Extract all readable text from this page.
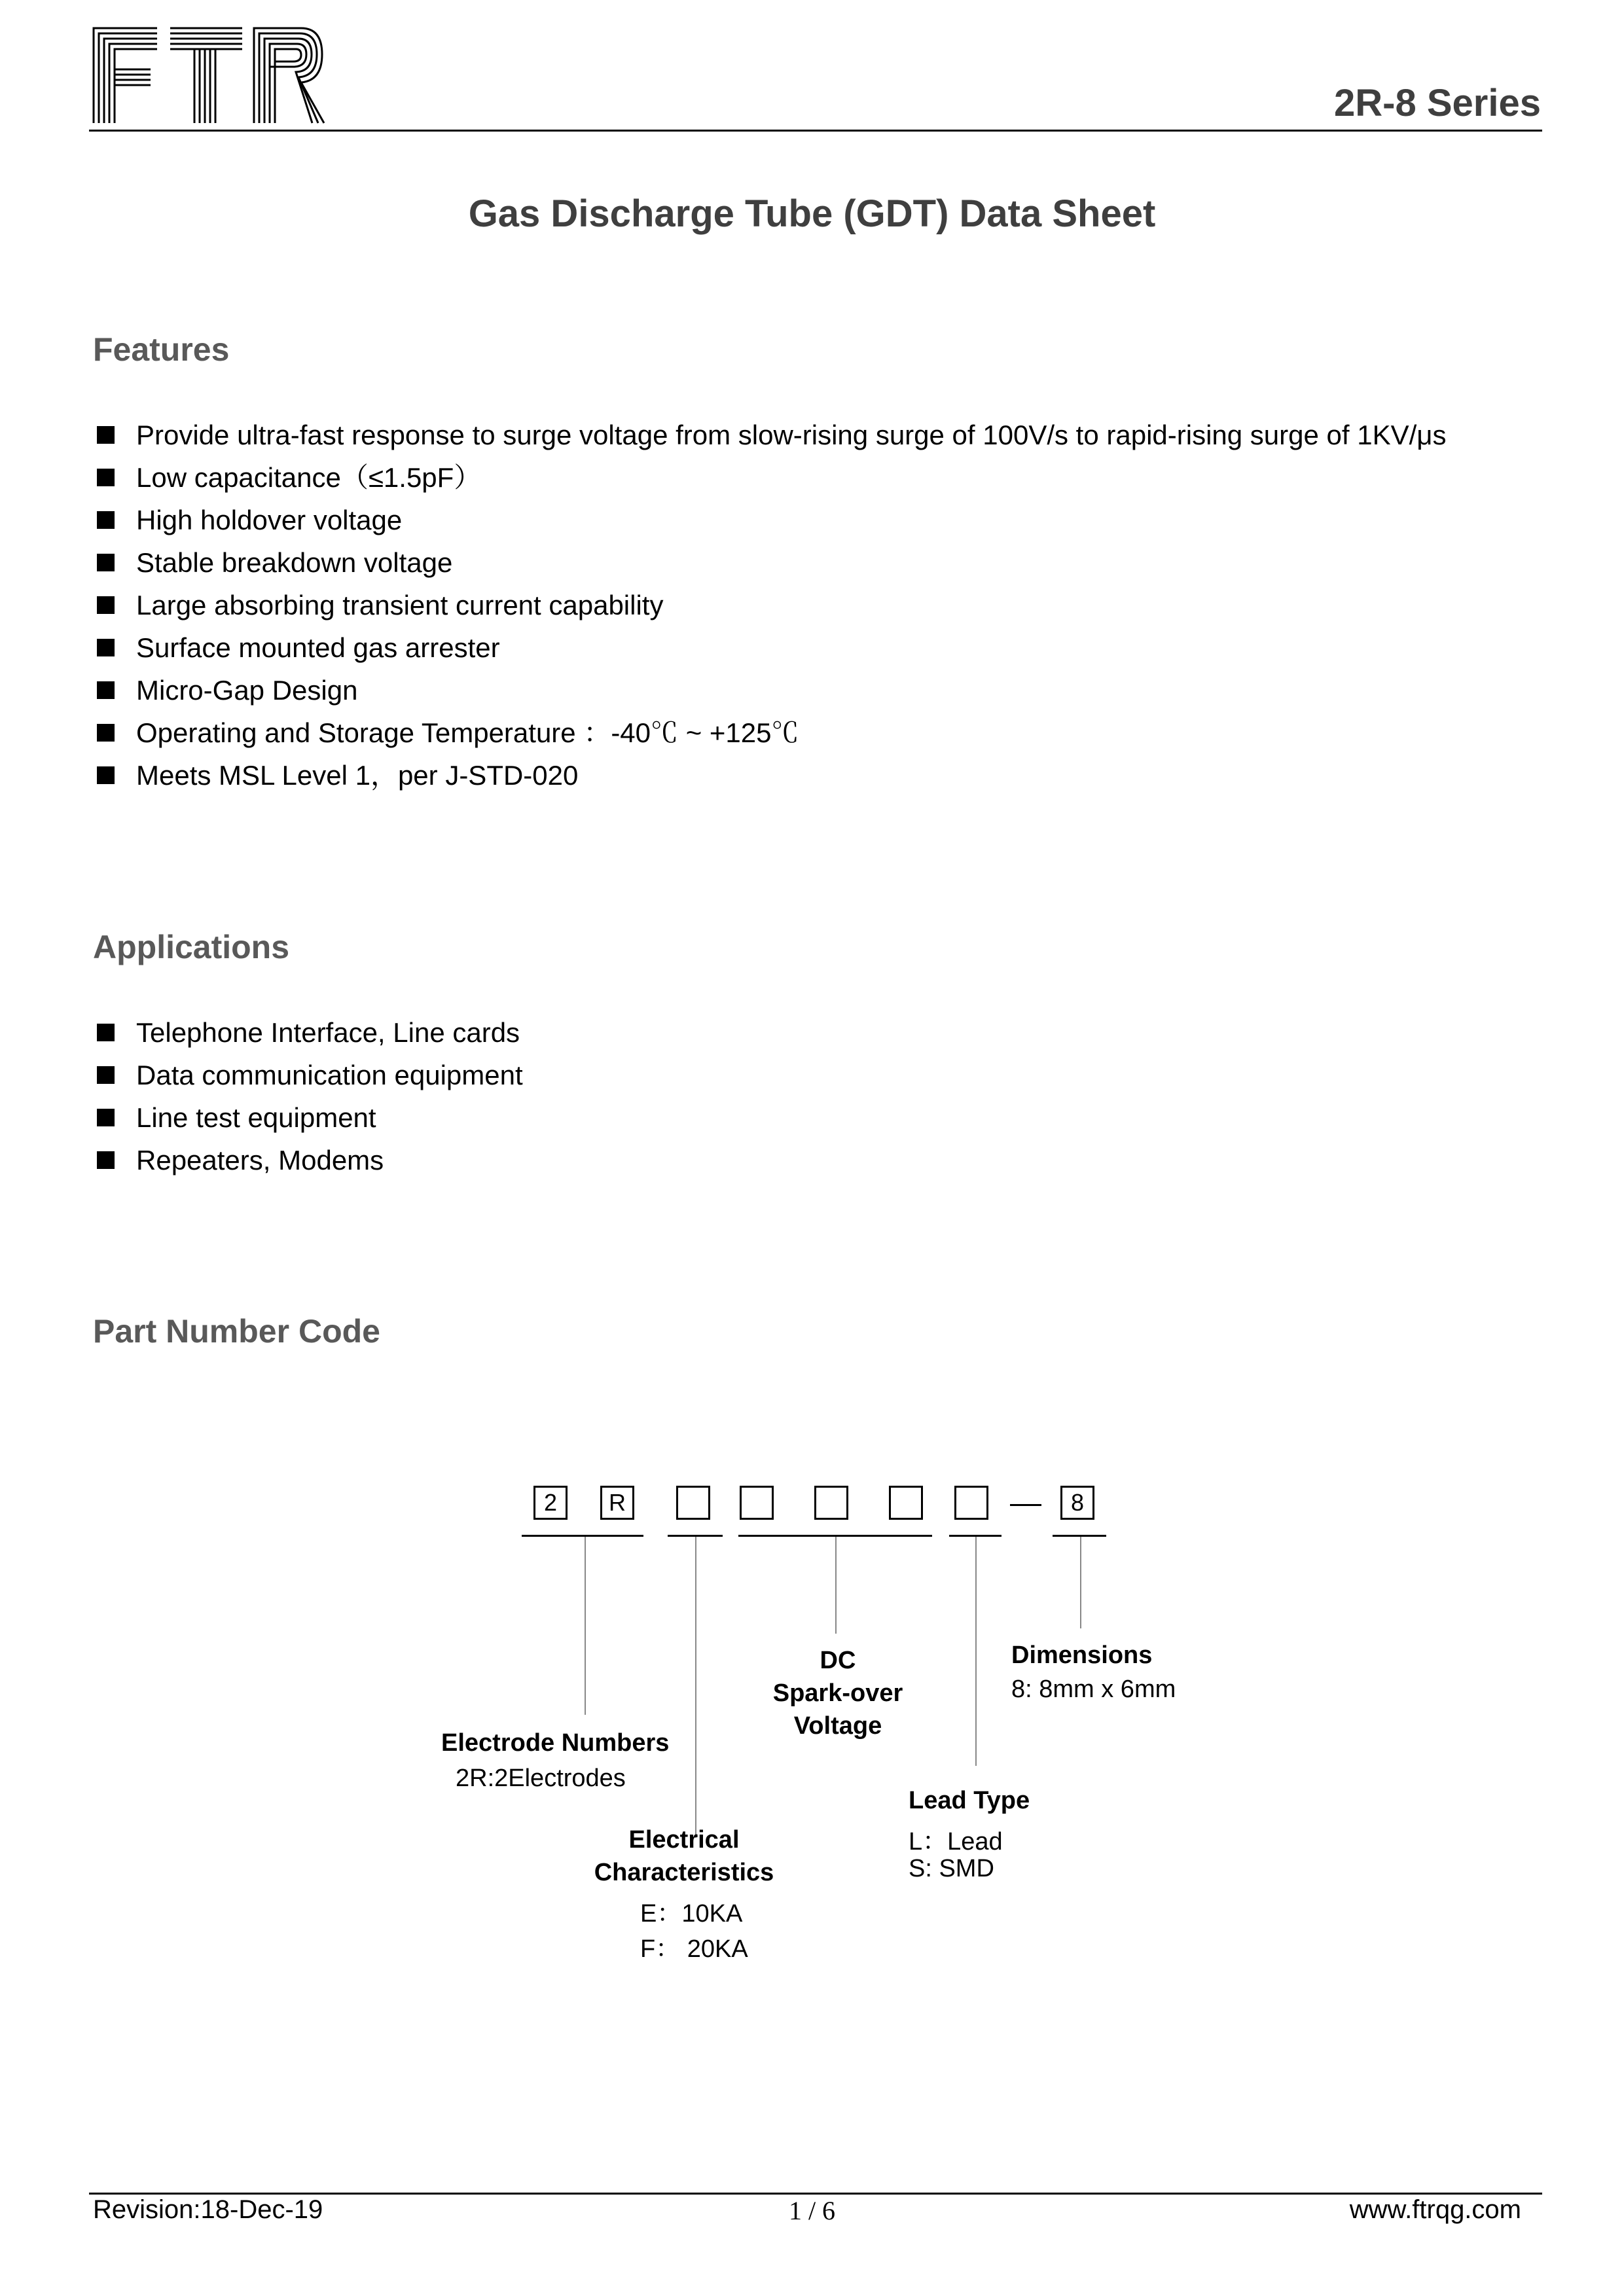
2R-8 Series
Gas Discharge Tube (GDT) Data Sheet
Features
Provide ultra-fast response to surge voltage from slow-rising surge of 100V/s to rapid-rising surge of 1KV/μs
Low capacitance（≤1.5pF）
High holdover voltage
Stable breakdown voltage
Large absorbing transient current capability
Surface mounted gas arrester
Micro-Gap Design
Operating and Storage Temperature ：-40℃ ~ +125℃
Meets MSL Level 1，per J-STD-020
Applications
Telephone Interface, Line cards
Data communication equipment
Line test equipment
Repeaters, Modems
Part Number Code
2	R	8
Electrode Numbers
2R:2Electrodes
Electrical
Characteristics
E：10KA
F： 20KA
DC
Spark-over
Voltage
Lead Type
L：Lead
S: SMD
Dimensions
8: 8mm x 6mm
Revision:18-Dec-19	1 / 6	www.ftrqg.com
